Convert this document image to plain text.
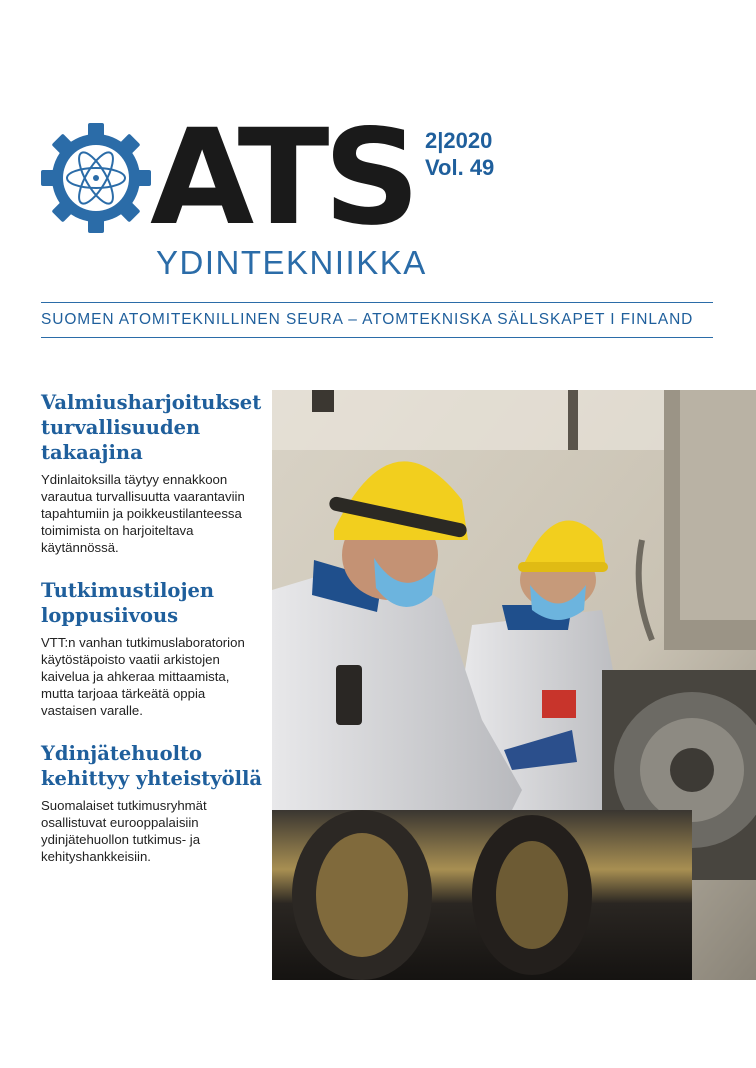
ATS 2|2020
Vol. 49
YDINTEKNIIKKA
SUOMEN ATOMITEKNILLINEN SEURA – ATOMTEKNISKA SÄLLSKAPET I FINLAND
Valmiusharjoitukset turvallisuuden takaajina

Ydinlaitoksilla täytyy ennakkoon varautua turvallisuutta vaarantaviin tapahtumiin ja poikkeustilanteessa toimimista on harjoiteltava käytännössä.

Tutkimustilojen loppusiivous

VTT:n vanhan tutkimuslaboratorion käytöstäpoisto vaatii arkistojen kaivelua ja ahkeraa mittaamista, mutta tarjoaa tärkeätä oppia vastaisen varalle.

Ydinjätehuolto kehittyy yhteistyöllä

Suomalaiset tutkimusryhmät osallistuvat eurooppalaisiin ydinjätehuollon tutkimus- ja kehityshankkeisiin.
